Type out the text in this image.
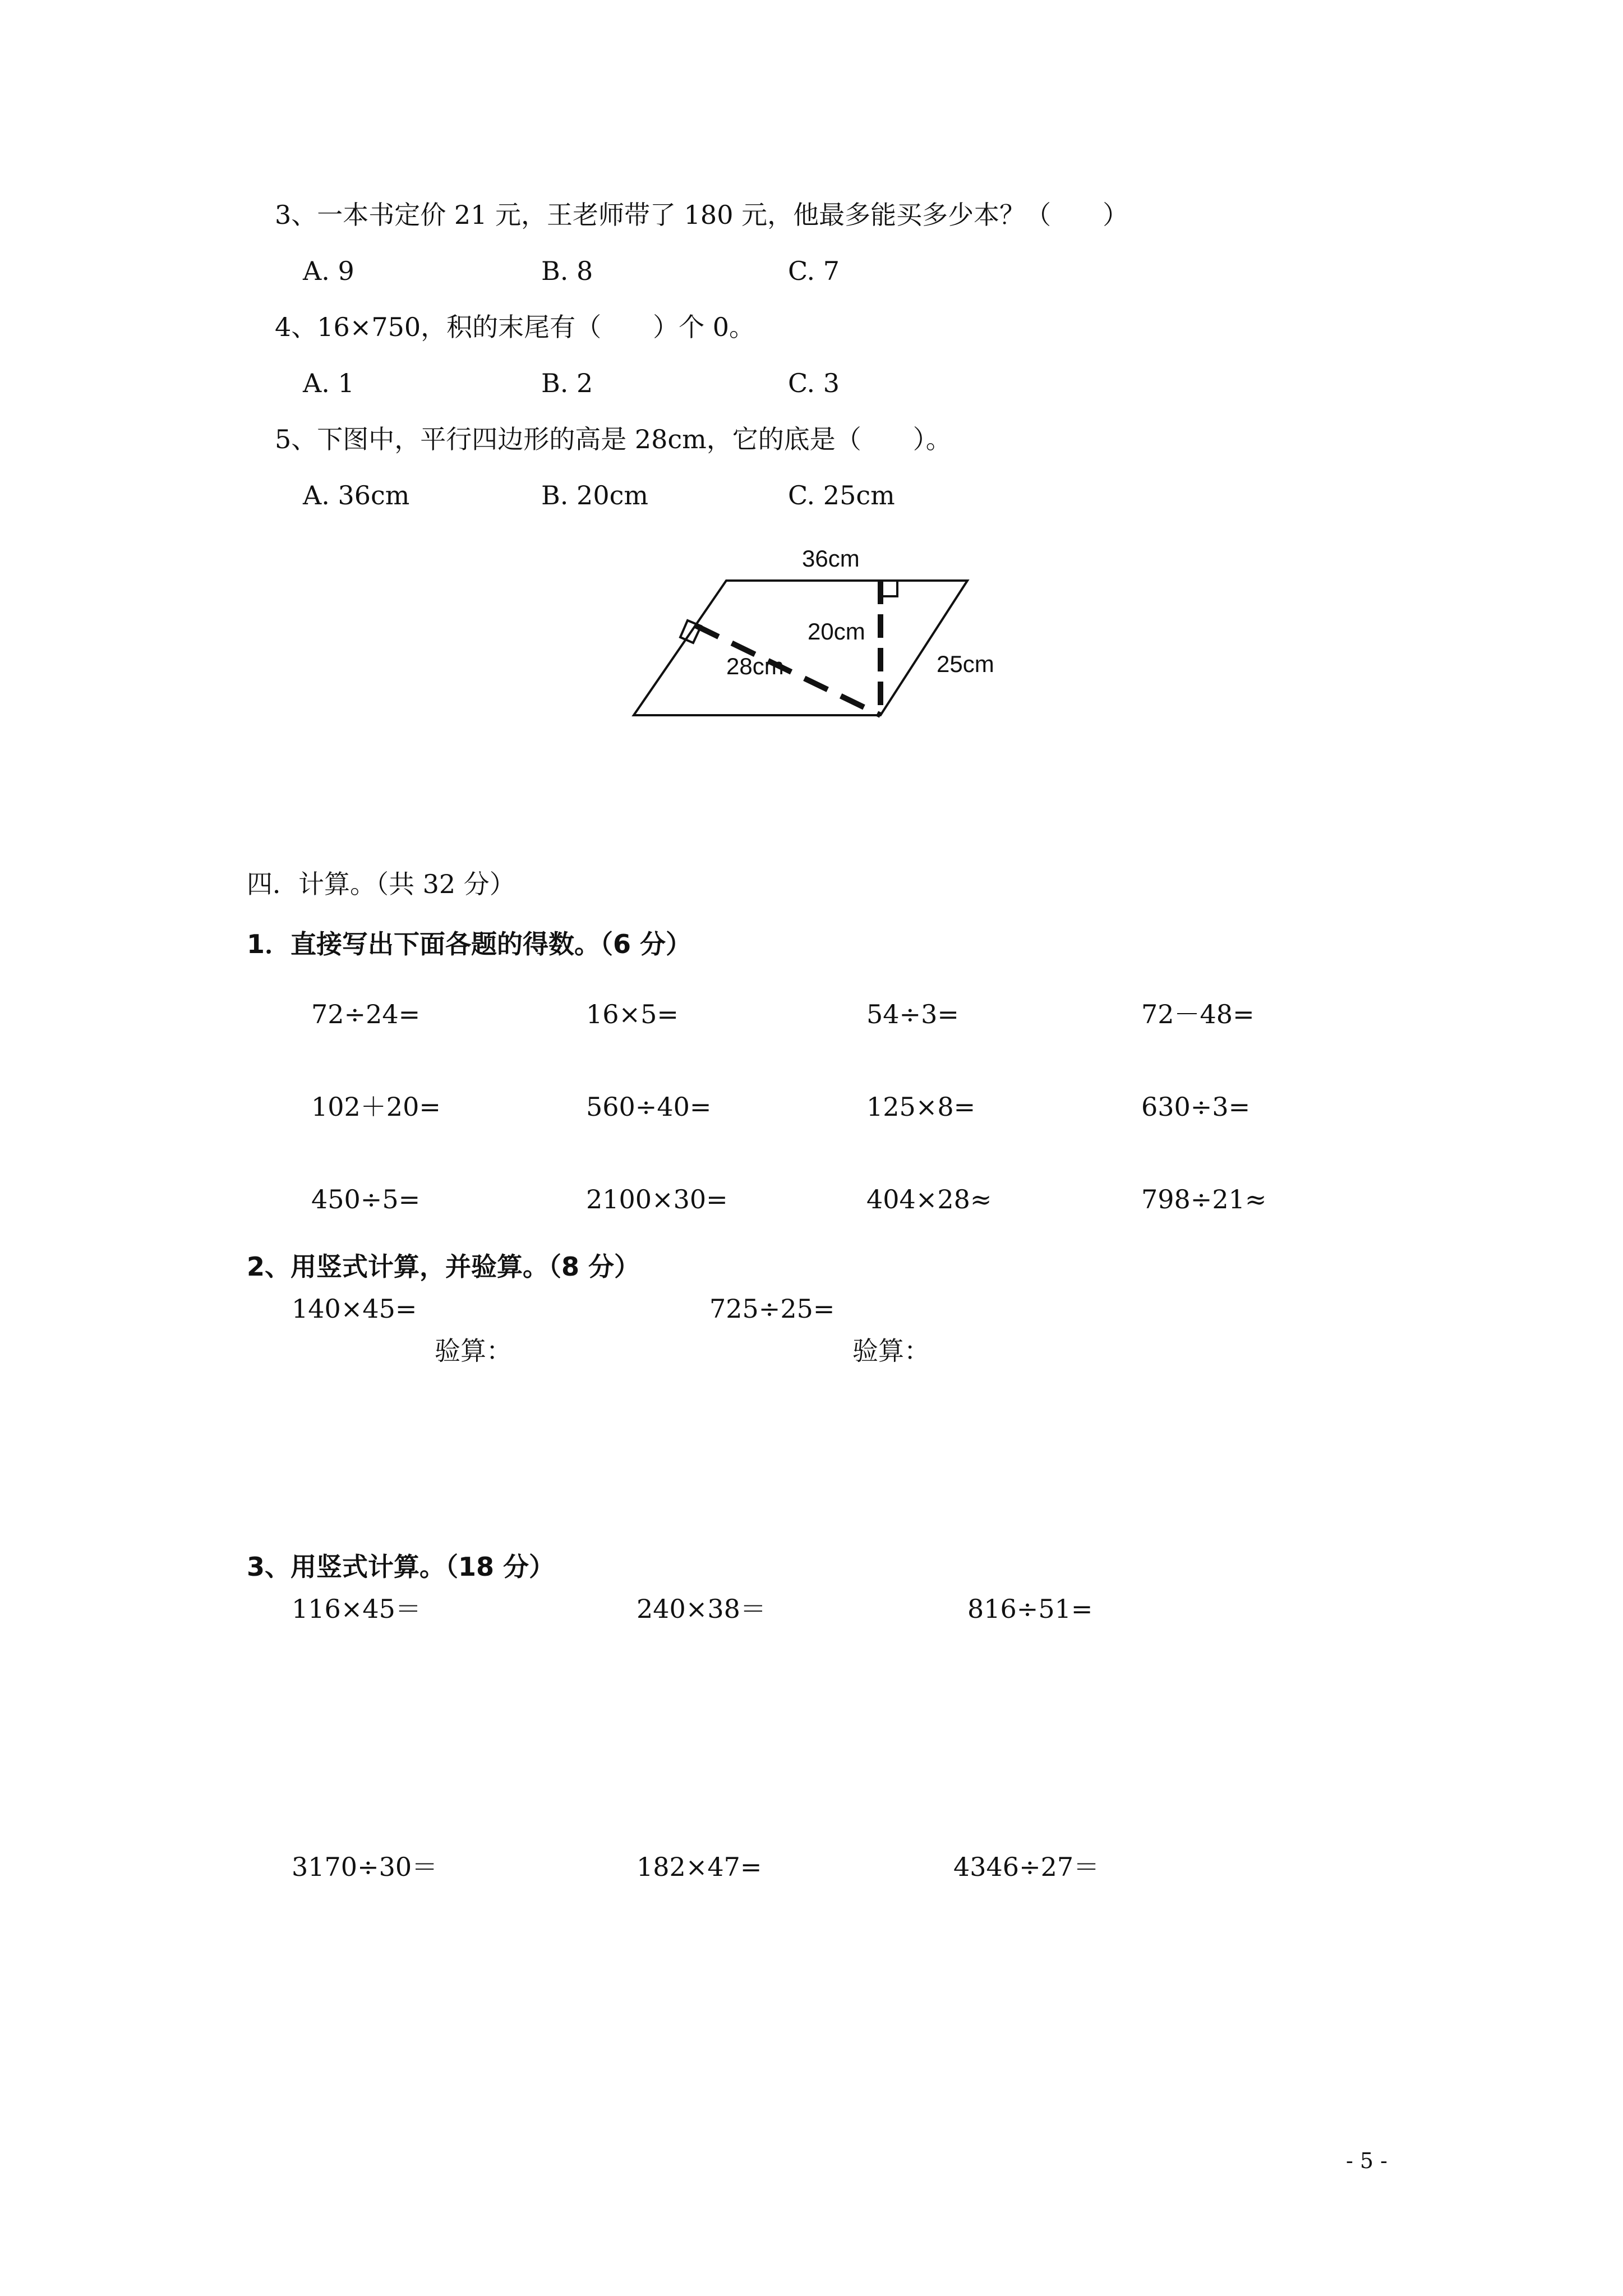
3、一本书定价 21 元，王老师带了 180 元，他最多能买多少本？（　　）
A. 9	B. 8	C. 7
4、16×750，积的末尾有（　　）个 0。
A. 1	B. 2	C. 3
5、下图中，平行四边形的高是 28cm，它的底是（　　）。
A. 36cm	B. 20cm	C. 25cm
36cm
20cm
28cm	25cm
四．计算。（共 32 分）
1．直接写出下面各题的得数。（6 分）
72÷24=	16×5=	54÷3=	72－48=
102＋20=	560÷40=	125×8=	630÷3=
450÷5=	2100×30=	404×28≈	798÷21≈
2、用竖式计算，并验算。（8 分）
140×45=	725÷25=
验算：	验算：
3、用竖式计算。（18 分）
116×45＝	240×38＝	816÷51=
3170÷30＝	182×47=	4346÷27＝
- 5 -
